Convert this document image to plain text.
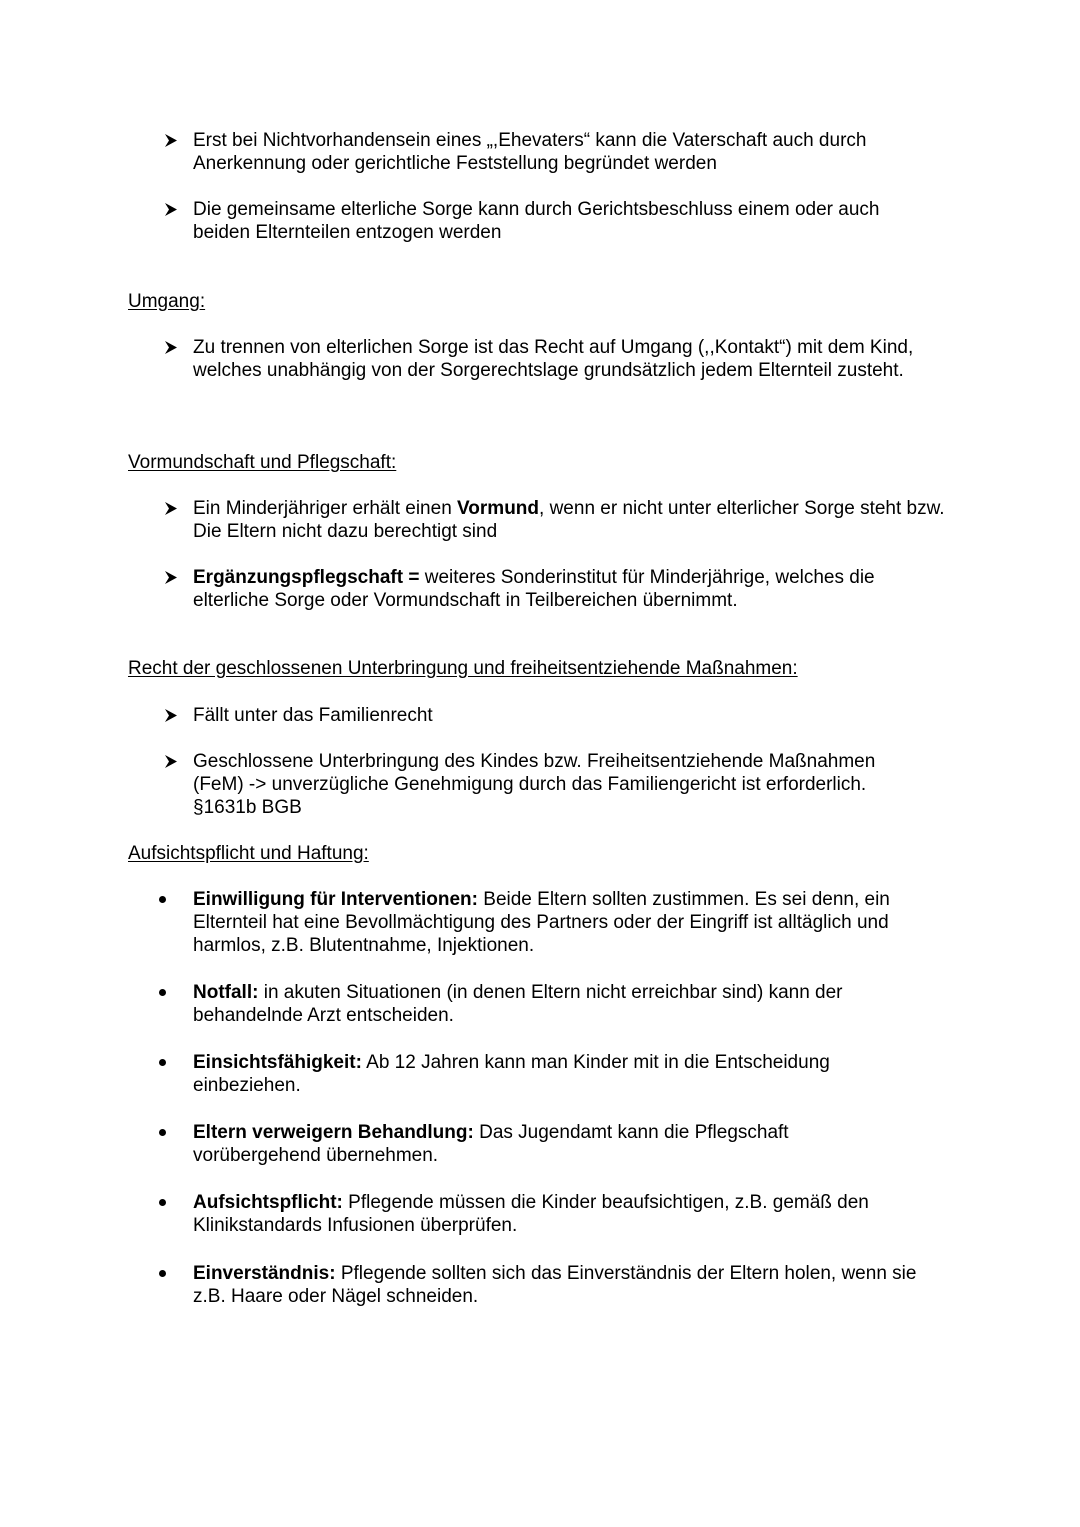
Erst bei Nichtvorhandensein eines „,Ehevaters“ kann die Vaterschaft auch durch Anerkennung oder gerichtliche Feststellung begründet werden
Die gemeinsame elterliche Sorge kann durch Gerichtsbeschluss einem oder auch beiden Elternteilen entzogen werden
Umgang:
Zu trennen von elterlichen Sorge ist das Recht auf Umgang (,,Kontakt“) mit dem Kind, welches unabhängig von der Sorgerechtslage grundsätzlich jedem Elternteil zusteht.
Vormundschaft und Pflegschaft:
Ein Minderjähriger erhält einen Vormund, wenn er nicht unter elterlicher Sorge steht bzw. Die Eltern nicht dazu berechtigt sind
Ergänzungspflegschaft = weiteres Sonderinstitut für Minderjährige, welches die elterliche Sorge oder Vormundschaft in Teilbereichen übernimmt.
Recht der geschlossenen Unterbringung und freiheitsentziehende Maßnahmen:
Fällt unter das Familienrecht
Geschlossene Unterbringung des Kindes bzw. Freiheitsentziehende Maßnahmen (FeM) -> unverzügliche Genehmigung durch das Familiengericht ist erforderlich. §1631b BGB
Aufsichtspflicht und Haftung:
Einwilligung für Interventionen: Beide Eltern sollten zustimmen. Es sei denn, ein Elternteil hat eine Bevollmächtigung des Partners oder der Eingriff ist alltäglich und harmlos, z.B. Blutentnahme, Injektionen.
Notfall: in akuten Situationen (in denen Eltern nicht erreichbar sind) kann der behandelnde Arzt entscheiden.
Einsichtsfähigkeit: Ab 12 Jahren kann man Kinder mit in die Entscheidung einbeziehen.
Eltern verweigern Behandlung: Das Jugendamt kann die Pflegschaft vorübergehend übernehmen.
Aufsichtspflicht: Pflegende müssen die Kinder beaufsichtigen, z.B. gemäß den Klinikstandards Infusionen überprüfen.
Einverständnis: Pflegende sollten sich das Einverständnis der Eltern holen, wenn sie z.B. Haare oder Nägel schneiden.
